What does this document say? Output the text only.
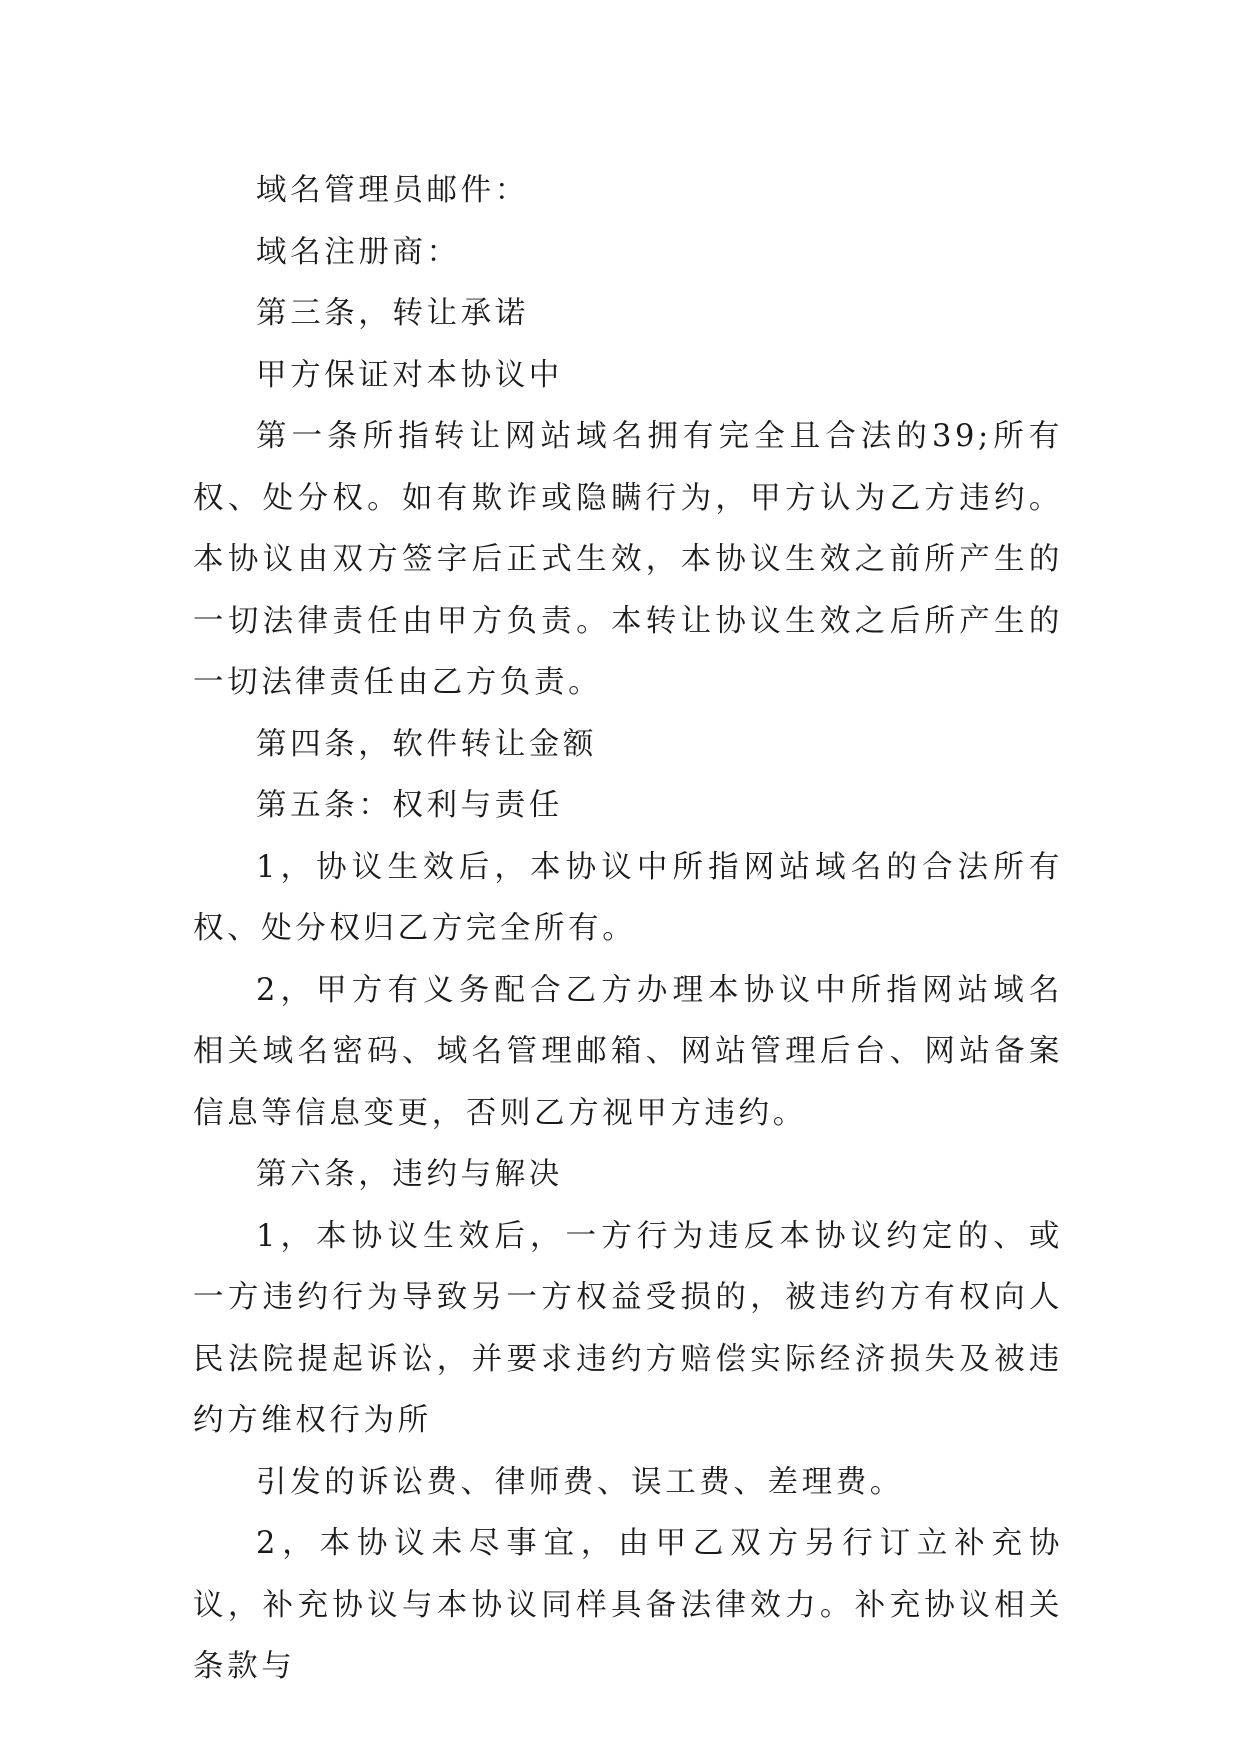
域名管理员邮件：

域名注册商：

第三条，转让承诺

甲方保证对本协议中

第一条所指转让网站域名拥有完全且合法的39;所有权、处分权。如有欺诈或隐瞒行为，甲方认为乙方违约。本协议由双方签字后正式生效，本协议生效之前所产生的一切法律责任由甲方负责。本转让协议生效之后所产生的一切法律责任由乙方负责。

第四条，软件转让金额

第五条：权利与责任

1，协议生效后，本协议中所指网站域名的合法所有权、处分权归乙方完全所有。

2，甲方有义务配合乙方办理本协议中所指网站域名相关域名密码、域名管理邮箱、网站管理后台、网站备案信息等信息变更，否则乙方视甲方违约。

第六条，违约与解决

1，本协议生效后，一方行为违反本协议约定的、或一方违约行为导致另一方权益受损的，被违约方有权向人民法院提起诉讼，并要求违约方赔偿实际经济损失及被违约方维权行为所

引发的诉讼费、律师费、误工费、差理费。

2，本协议未尽事宜，由甲乙双方另行订立补充协议，补充协议与本协议同样具备法律效力。补充协议相关条款与
